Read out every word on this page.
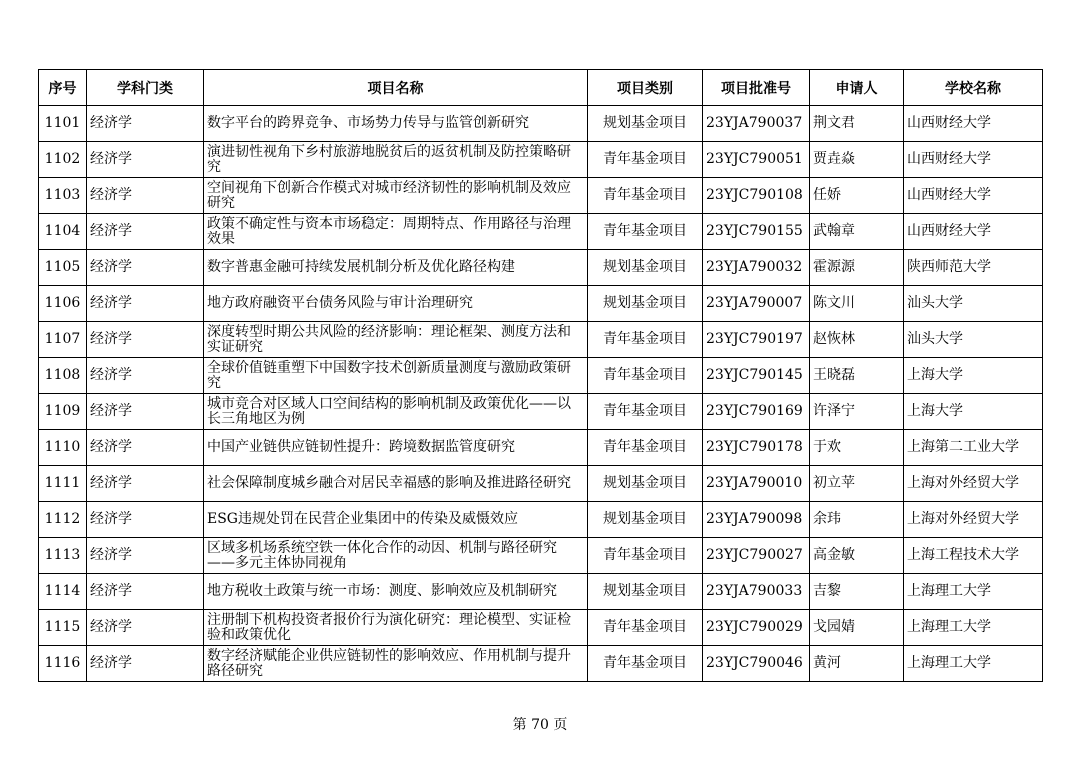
序号	学科门类	项目名称	项目类别	项目批准号	申请人	学校名称
1101	经济学	数字平台的跨界竞争、市场势力传导与监管创新研究	规划基金项目	23YJA790037	荆文君	山西财经大学
1102	经济学	演进韧性视角下乡村旅游地脱贫后的返贫机制及防控策略研究	青年基金项目	23YJC790051	贾垚焱	山西财经大学
1103	经济学	空间视角下创新合作模式对城市经济韧性的影响机制及效应研究	青年基金项目	23YJC790108	任娇	山西财经大学
1104	经济学	政策不确定性与资本市场稳定：周期特点、作用路径与治理效果	青年基金项目	23YJC790155	武翰章	山西财经大学
1105	经济学	数字普惠金融可持续发展机制分析及优化路径构建	规划基金项目	23YJA790032	霍源源	陕西师范大学
1106	经济学	地方政府融资平台债务风险与审计治理研究	规划基金项目	23YJA790007	陈文川	汕头大学
1107	经济学	深度转型时期公共风险的经济影响：理论框架、测度方法和实证研究	青年基金项目	23YJC790197	赵恢林	汕头大学
1108	经济学	全球价值链重塑下中国数字技术创新质量测度与激励政策研究	青年基金项目	23YJC790145	王晓磊	上海大学
1109	经济学	城市竞合对区域人口空间结构的影响机制及政策优化——以长三角地区为例	青年基金项目	23YJC790169	许泽宁	上海大学
1110	经济学	中国产业链供应链韧性提升：跨境数据监管度研究	青年基金项目	23YJC790178	于欢	上海第二工业大学
1111	经济学	社会保障制度城乡融合对居民幸福感的影响及推进路径研究	规划基金项目	23YJA790010	初立苹	上海对外经贸大学
1112	经济学	ESG违规处罚在民营企业集团中的传染及威慑效应	规划基金项目	23YJA790098	余玮	上海对外经贸大学
1113	经济学	区域多机场系统空铁一体化合作的动因、机制与路径研究——多元主体协同视角	青年基金项目	23YJC790027	高金敏	上海工程技术大学
1114	经济学	地方税收土政策与统一市场：测度、影响效应及机制研究	规划基金项目	23YJA790033	吉黎	上海理工大学
1115	经济学	注册制下机构投资者报价行为演化研究：理论模型、实证检验和政策优化	青年基金项目	23YJC790029	戈园婧	上海理工大学
1116	经济学	数字经济赋能企业供应链韧性的影响效应、作用机制与提升路径研究	青年基金项目	23YJC790046	黄河	上海理工大学
第 70 页
